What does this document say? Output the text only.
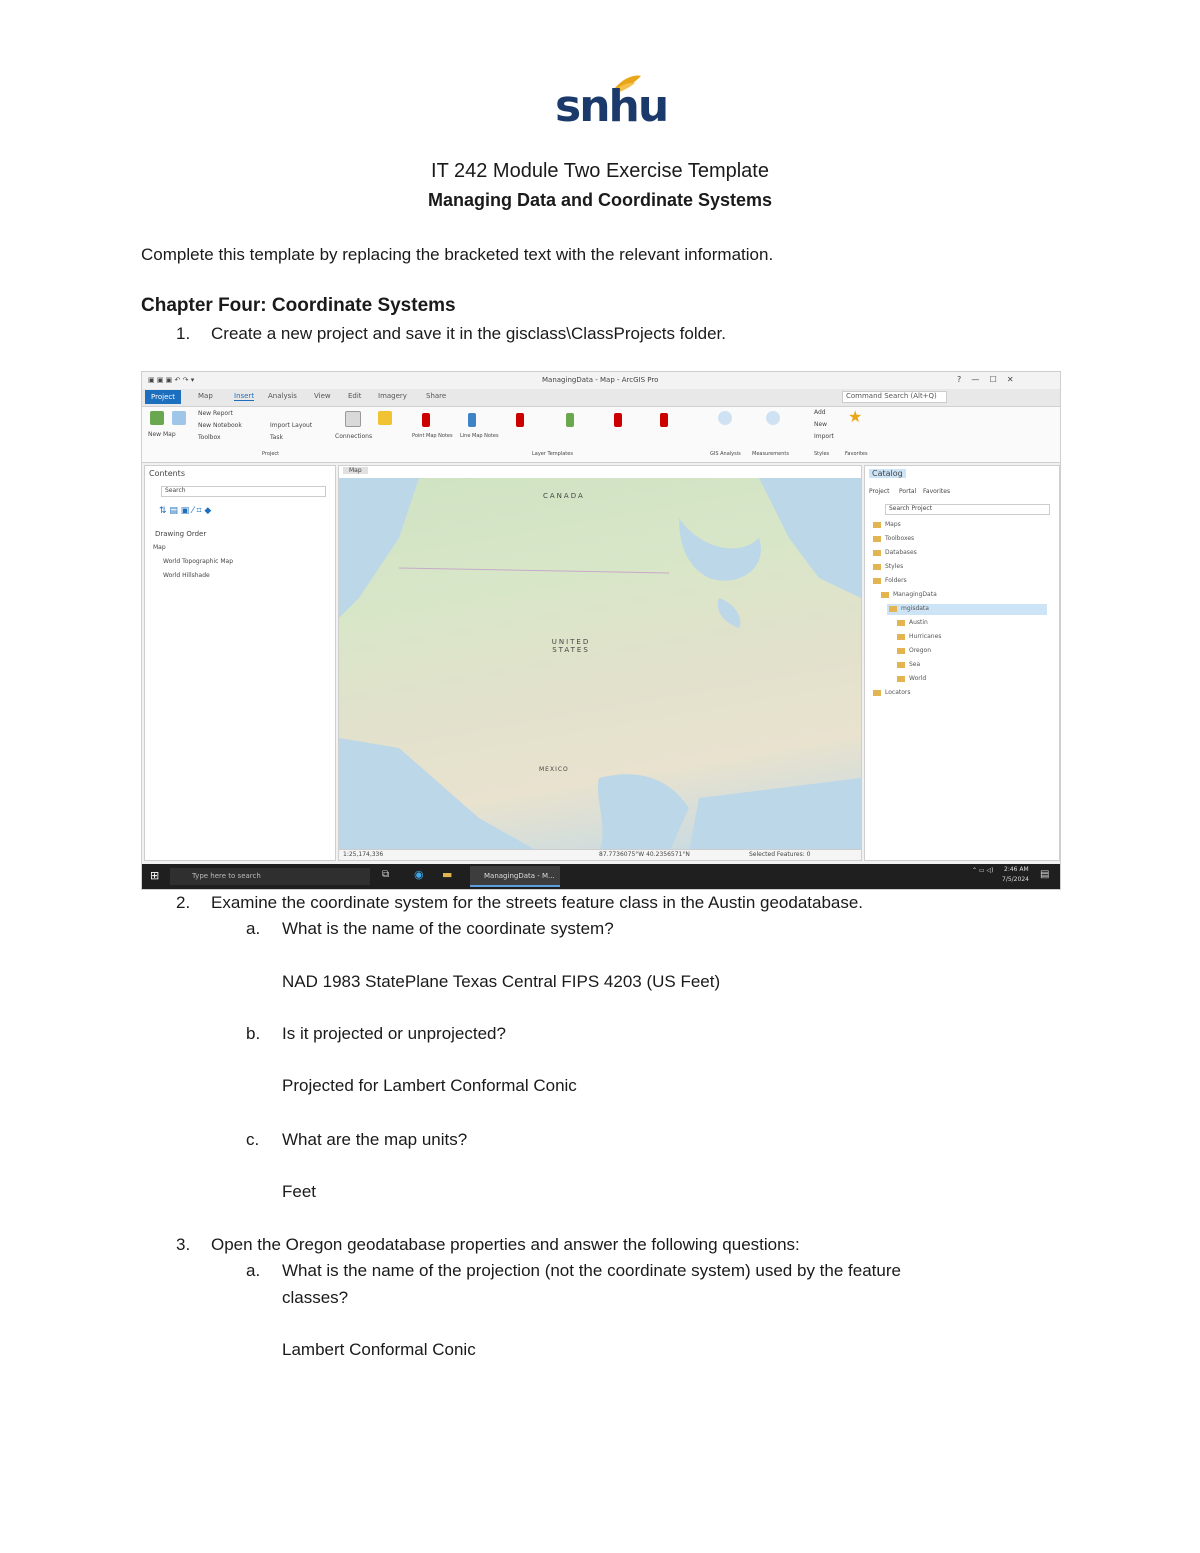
snhu
IT 242 Module Two Exercise Template
Managing Data and Coordinate Systems
Complete this template by replacing the bracketed text with the relevant information.
Chapter Four: Coordinate Systems
1. Create a new project and save it in the gisclass\ClassProjects folder.
▣ ▣ ▣ ↶ ↷ ▾	ManagingData - Map - ArcGIS Pro	?    —    ☐    ✕
Project	Map	Insert Analysis View Edit Imagery	Share	Command Search (Alt+Q)
New Report
New Notebook
Toolbox
Import Layout
Task
New Map	Connections	Point Map Notes Line Map Notes
Add
New
Import
★
Project	Layer Templates	GIS Analysis Measurements	Styles	Favorites
Contents
Search
⇅ ▤ ▣ ⁄ ⌗ ◆
Drawing Order
Map
World Topographic Map
World Hillshade
Map
CANADA
UNITED STATES
MEXICO
1:25,174,336	87.7736075°W 40.2356571°N	Selected Features: 0
Catalog
Project Portal Favorites
Search Project
Maps
Toolboxes
Databases
Styles
Folders
ManagingData
mgisdata
Austin
Hurricanes
Oregon
Sea
World
Locators
⊞	Type here to search	⧉ ◉ ▬	ManagingData - M...
⌃ ▭ ◁) 2:46 AM
7/5/2024 ▤
2. Examine the coordinate system for the streets feature class in the Austin geodatabase.
a. What is the name of the coordinate system?
NAD 1983 StatePlane Texas Central FIPS 4203 (US Feet)
b. Is it projected or unprojected?
Projected for Lambert Conformal Conic
c. What are the map units?
Feet
3. Open the Oregon geodatabase properties and answer the following questions:
a. What is the name of the projection (not the coordinate system) used by the feature
classes?
Lambert Conformal Conic
